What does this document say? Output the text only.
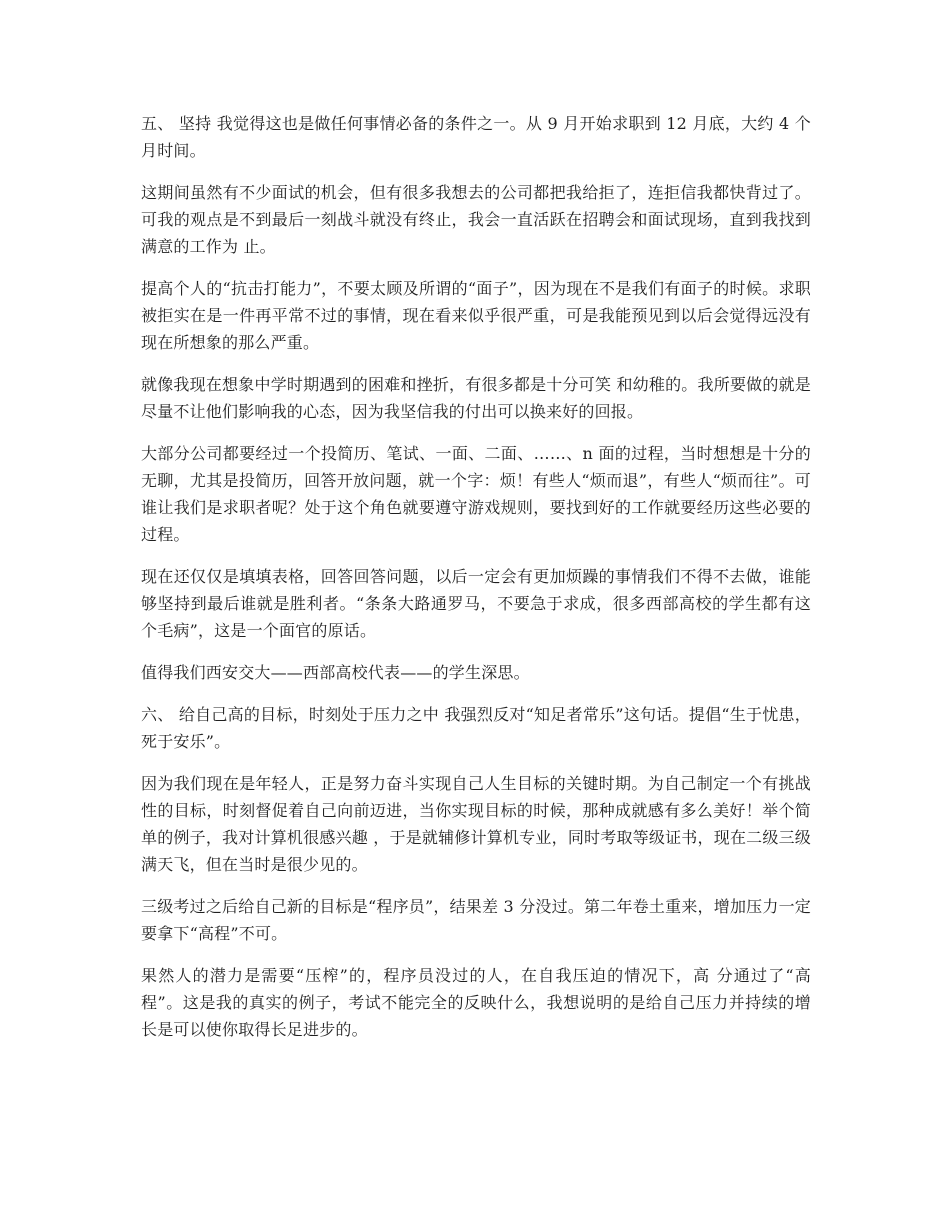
五、 坚持 我觉得这也是做任何事情必备的条件之一。从 9 月开始求职到 12 月底，大约 4 个月时间。

这期间虽然有不少面试的机会，但有很多我想去的公司都把我给拒了，连拒信我都快背过了。可我的观点是不到最后一刻战斗就没有终止，我会一直活跃在招聘会和面试现场，直到我找到满意的工作为 止。

提高个人的“抗击打能力”，不要太顾及所谓的“面子”，因为现在不是我们有面子的时候。求职被拒实在是一件再平常不过的事情，现在看来似乎很严重，可是我能预见到以后会觉得远没有现在所想象的那么严重。

就像我现在想象中学时期遇到的困难和挫折，有很多都是十分可笑 和幼稚的。我所要做的就是尽量不让他们影响我的心态，因为我坚信我的付出可以换来好的回报。

大部分公司都要经过一个投简历、笔试、一面、二面、……、n 面的过程，当时想想是十分的无聊，尤其是投简历，回答开放问题，就一个字：烦！有些人“烦而退”，有些人“烦而往”。可 谁让我们是求职者呢？处于这个角色就要遵守游戏规则，要找到好的工作就要经历这些必要的过程。

现在还仅仅是填填表格，回答回答问题，以后一定会有更加烦躁的事情我们不得不去做，谁能够坚持到最后谁就是胜利者。“条条大路通罗马，不要急于求成，很多西部高校的学生都有这 个毛病”，这是一个面官的原话。

值得我们西安交大——西部高校代表——的学生深思。

六、 给自己高的目标，时刻处于压力之中 我强烈反对“知足者常乐”这句话。提倡“生于忧患，死于安乐”。

因为我们现在是年轻人，正是努力奋斗实现自己人生目标的关键时期。为自己制定一个有挑战性的目标，时刻督促着自己向前迈进，当你实现目标的时候，那种成就感有多么美好！举个简单的例子，我对计算机很感兴趣 ，于是就辅修计算机专业，同时考取等级证书，现在二级三级满天飞，但在当时是很少见的。

三级考过之后给自己新的目标是“程序员”，结果差 3 分没过。第二年卷土重来，增加压力一定要拿下“高程”不可。

果然人的潜力是需要“压榨”的，程序员没过的人，在自我压迫的情况下，高 分通过了“高程”。这是我的真实的例子，考试不能完全的反映什么，我想说明的是给自己压力并持续的增长是可以使你取得长足进步的。
